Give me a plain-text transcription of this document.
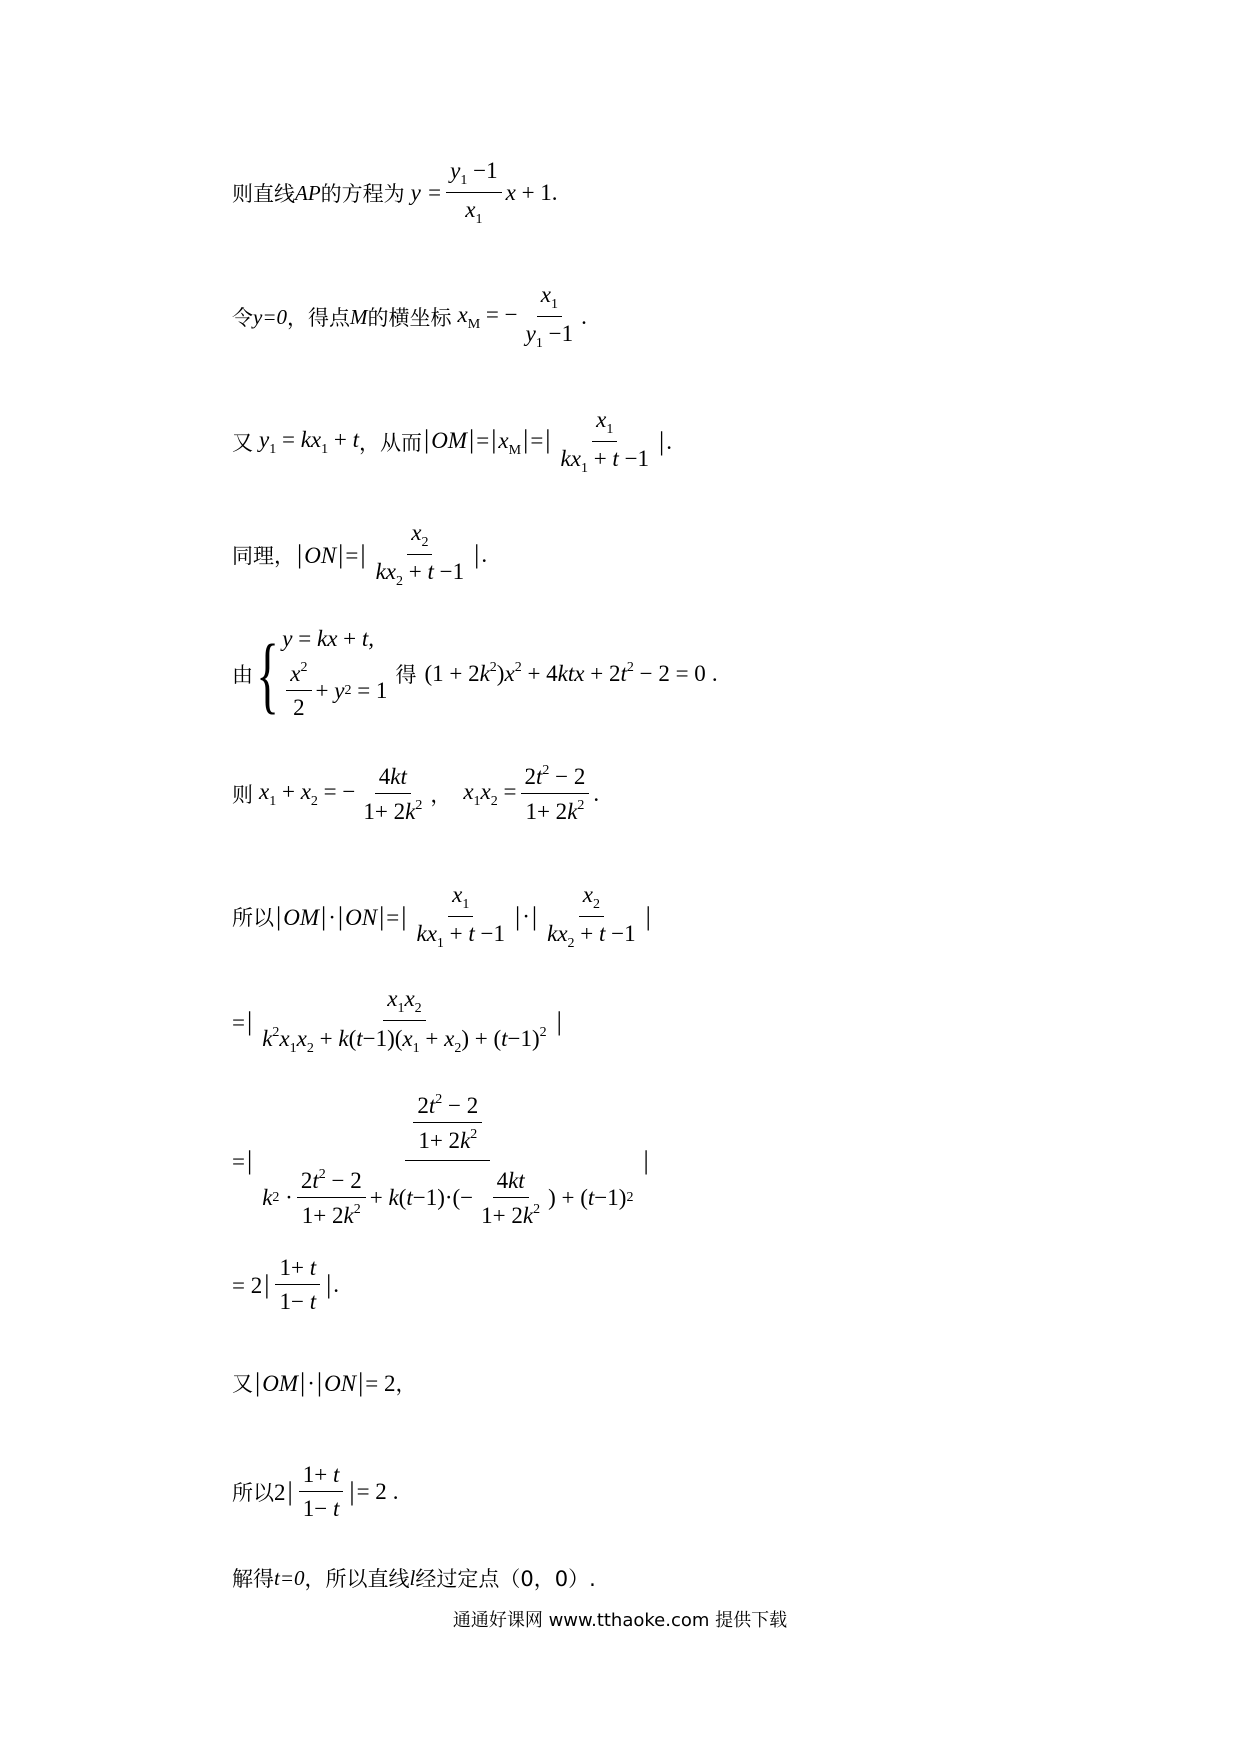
则直线 AP 的方程为 $y = \frac{y_1 -1}{x_1}$ x + 1 .
令 y=0 ，得点 M 的横坐标 $x_M$ = − $\frac{x_1}{y_1 -1}$ .
又 $y_1 = kx_1 + t$ ，从而 $|OM|=|x_M|=| \frac{x_1}{kx_1 + t -1}$ | .
同理， $|ON|=| \frac{x_2}{kx_2 + t -1}$ | .
由 { y = kx + t,
$\frac{x^2}{2} + y$ 2
= 1
得 $(1 + 2k^2)x^2 + 4ktx + 2t^2 - 2 = 0$ .
则 $x_1 + x_2$ = − $\frac{4kt}{1+ 2k^2}$ ， $x_1x_2 = \frac{2t^2 - 2}{1+ 2k^2}$ .
所以 $|OM|\cdot|ON|=| \frac{x_1}{kx_1 + t -1}$ | · | $\frac{x_2}{kx_2 + t -1}$ |
=| $\frac{x_1x_2}{k^2x_1x_2 + k(t-1)(x_1 + x_2) + (t-1)^2}$ |
=|
$\frac{2t^2 - 2}{1+ 2k^2}$
k 2
· $\frac{2t^2 - 2}{1+ 2k^2} + k$ ( $t -1)\cdot(- \frac{4kt}{1+ 2k^2}$ ) + ( t −1) 2
|
= $2| \frac{1+ t}{1- t}$ | .
又 |OM|·|ON|= 2 ，
所以 $2| \frac{1+ t}{1- t}$ | = 2 .
解得 t=0 ，所以直线 l 经过定点（0，0）.
通通好课网 www.tthaoke.com 提供下载
